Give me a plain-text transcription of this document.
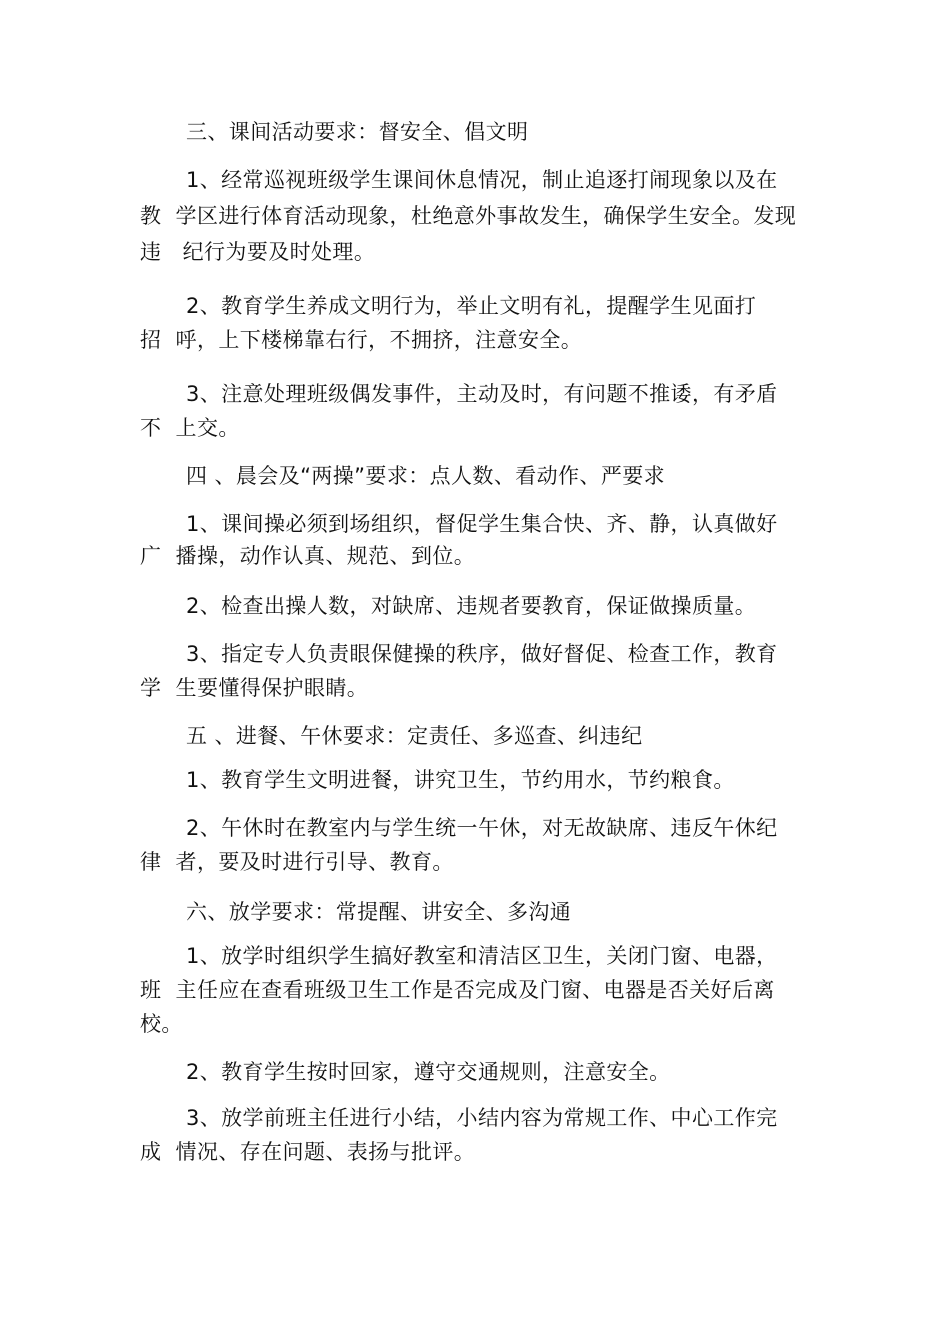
三、课间活动要求：督安全、倡文明
1、经常巡视班级学生课间休息情况，制止追逐打闹现象以及在
教  学区进行体育活动现象，杜绝意外事故发生，确保学生安全。发现
违   纪行为要及时处理。
2、教育学生养成文明行为，举止文明有礼，提醒学生见面打
招  呼，上下楼梯靠右行，不拥挤，注意安全。
3、注意处理班级偶发事件，主动及时，有问题不推诿，有矛盾
不  上交。
四 、晨会及“两操”要求：点人数、看动作、严要求
1、课间操必须到场组织，督促学生集合快、齐、静，认真做好
广  播操，动作认真、规范、到位。
2、检查出操人数，对缺席、违规者要教育，保证做操质量。
3、指定专人负责眼保健操的秩序，做好督促、检查工作，教育
学  生要懂得保护眼睛。
五 、进餐、午休要求：定责任、多巡查、纠违纪
1、教育学生文明进餐，讲究卫生，节约用水，节约粮食。
2、午休时在教室内与学生统一午休，对无故缺席、违反午休纪
律  者，要及时进行引导、教育。
六、放学要求：常提醒、讲安全、多沟通
1、放学时组织学生搞好教室和清洁区卫生，关闭门窗、电器，
班  主任应在查看班级卫生工作是否完成及门窗、电器是否关好后离
校。
2、教育学生按时回家，遵守交通规则，注意安全。
3、放学前班主任进行小结，小结内容为常规工作、中心工作完
成  情况、存在问题、表扬与批评。
